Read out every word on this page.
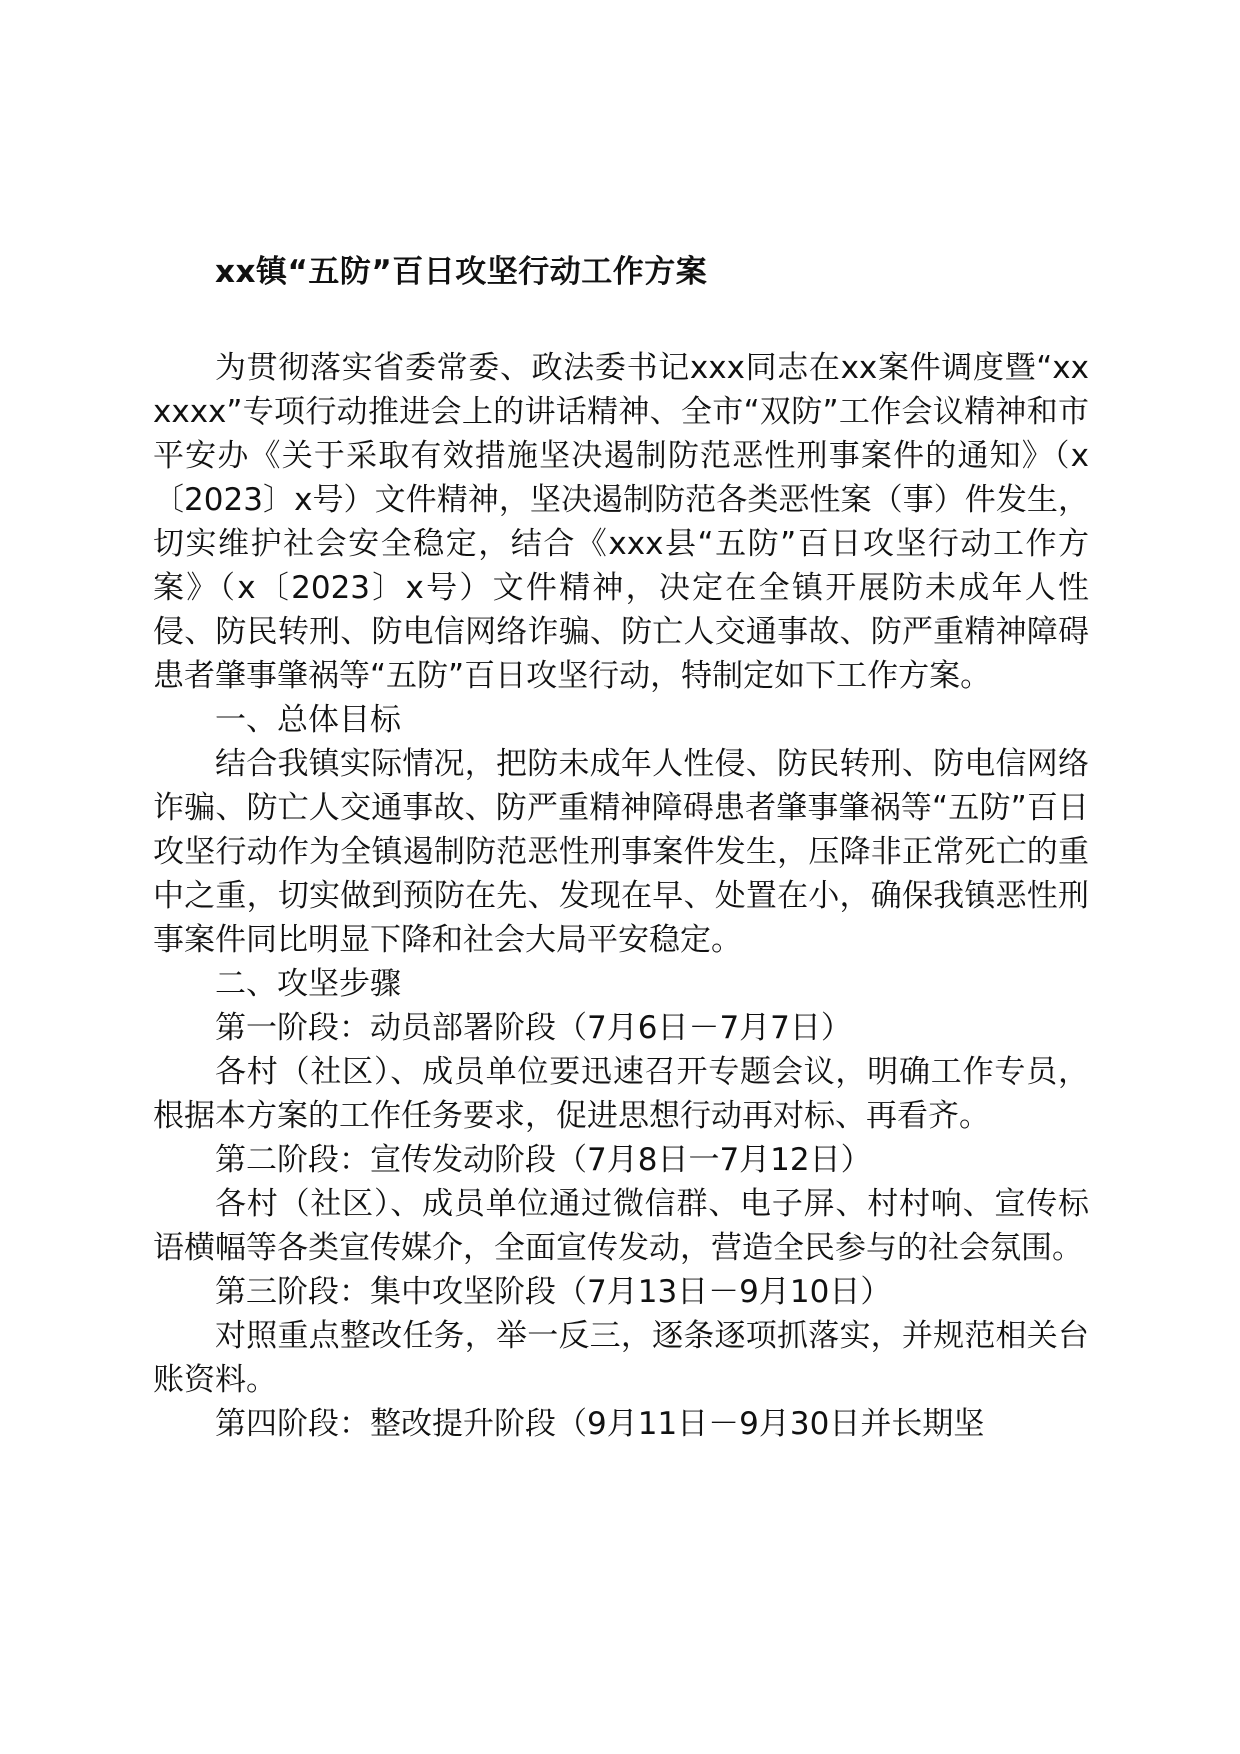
xx镇“五防”百日攻坚行动工作方案

为贯彻落实省委常委、政法委书记xxx同志在xx案件调度暨“xxxxxx”专项行动推进会上的讲话精神、全市“双防”工作会议精神和市平安办《关于采取有效措施坚决遏制防范恶性刑事案件的通知》（x〔2023〕x号）文件精神，坚决遏制防范各类恶性案（事）件发生，切实维护社会安全稳定，结合《xxx县“五防”百日攻坚行动工作方案》（x〔2023〕x号）文件精神，决定在全镇开展防未成年人性侵、防民转刑、防电信网络诈骗、防亡人交通事故、防严重精神障碍患者肇事肇祸等“五防”百日攻坚行动，特制定如下工作方案。

一、总体目标

结合我镇实际情况，把防未成年人性侵、防民转刑、防电信网络诈骗、防亡人交通事故、防严重精神障碍患者肇事肇祸等“五防”百日攻坚行动作为全镇遏制防范恶性刑事案件发生，压降非正常死亡的重中之重，切实做到预防在先、发现在早、处置在小，确保我镇恶性刑事案件同比明显下降和社会大局平安稳定。

二、攻坚步骤

第一阶段：动员部署阶段（7月6日－7月7日）

各村（社区）、成员单位要迅速召开专题会议，明确工作专员，根据本方案的工作任务要求，促进思想行动再对标、再看齐。

第二阶段：宣传发动阶段（7月8日一7月12日）

各村（社区）、成员单位通过微信群、电子屏、村村响、宣传标语横幅等各类宣传媒介，全面宣传发动，营造全民参与的社会氛围。

第三阶段：集中攻坚阶段（7月13日－9月10日）

对照重点整改任务，举一反三，逐条逐项抓落实，并规范相关台账资料。

第四阶段：整改提升阶段（9月11日－9月30日并长期坚
